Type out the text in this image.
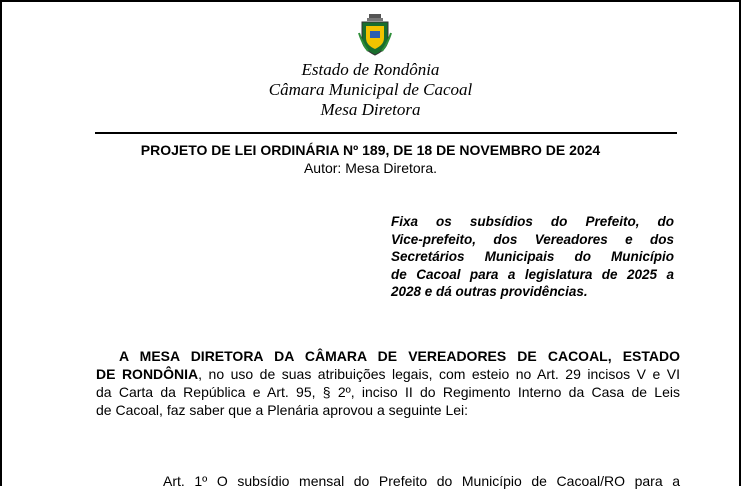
Estado de Rondônia
Câmara Municipal de Cacoal
Mesa Diretora
PROJETO DE LEI ORDINÁRIA Nº 189, DE 18 DE NOVEMBRO DE 2024
Autor: Mesa Diretora.
Fixa os subsídios do Prefeito, do
Vice-prefeito, dos Vereadores e dos
Secretários Municipais do Município
de Cacoal para a legislatura de 2025 a
2028 e dá outras providências.
A MESA DIRETORA DA CÂMARA DE VEREADORES DE CACOAL, ESTADO
DE RONDÔNIA, no uso de suas atribuições legais, com esteio no Art. 29 incisos V e VI
da Carta da República e Art. 95, § 2º, inciso II do Regimento Interno da Casa de Leis
de Cacoal, faz saber que a Plenária aprovou a seguinte Lei:
Art. 1º O subsídio mensal do Prefeito do Município de Cacoal/RO para a
